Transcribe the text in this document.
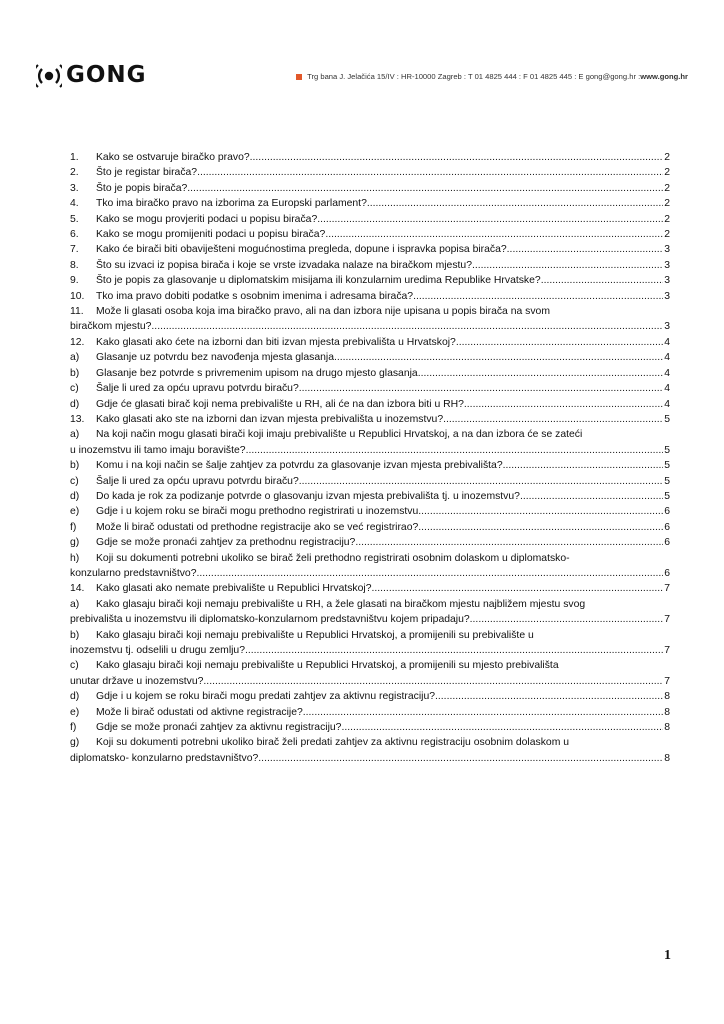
GONG	Trg bana J. Jelačića 15/IV : HR-10000 Zagreb : T 01 4825 444 : F 01 4825 445 : E gong@gong.hr : www.gong.hr
1.	Kako se ostvaruje biračko pravo? .....	2
2.	Što je registar birača? .....	2
3.	Što je popis birača? .....	2
4.	Tko ima biračko pravo na izborima za Europski parlament? .....	2
5.	Kako se mogu provjeriti podaci u popisu birača? .....	2
6.	Kako se mogu promijeniti podaci u popisu birača? .....	2
7.	Kako će birači biti obaviješteni mogućnostima pregleda, dopune i ispravka popisa birača? .....	3
8.	Što su izvaci iz popisa birača i koje se vrste izvadaka nalaze na biračkom mjestu? .....	3
9.	Što je popis za glasovanje u diplomatskim misijama ili konzularnim uredima Republike Hrvatske? .....	3
10.	Tko ima pravo dobiti podatke s osobnim imenima i adresama birača? .....	3
11.	Može li glasati osoba koja ima biračko pravo, ali na dan izbora nije upisana u popis birača na svom
biračkom mjestu? .....	3
12.	Kako glasati ako ćete na izborni dan biti izvan mjesta prebivališta u Hrvatskoj? .....	4
a)	Glasanje uz potvrdu bez navođenja mjesta glasanja .....	4
b)	Glasanje bez potvrde s privremenim upisom na drugo mjesto glasanja .....	4
c)	Šalje li ured za opću upravu potvrdu biraču? .....	4
d)	Gdje će glasati birač koji nema prebivalište u RH, ali će na dan izbora biti u RH? .....	4
13.	Kako glasati ako ste na izborni dan izvan mjesta prebivališta u inozemstvu? .....	5
a)	Na koji način mogu glasati birači koji imaju prebivalište u Republici Hrvatskoj, a na dan izbora će se zateći
u inozemstvu ili tamo imaju boravište? .....	5
b)	Komu i na koji način se šalje zahtjev za potvrdu za glasovanje izvan mjesta prebivališta? .....	5
c)	Šalje li ured za opću upravu potvrdu biraču? .....	5
d)	Do kada je rok za podizanje potvrde o glasovanju izvan mjesta prebivališta tj. u inozemstvu? .....	5
e)	Gdje i u kojem roku se birači mogu prethodno registrirati u inozemstvu. .....	6
f)	Može li birač odustati od prethodne registracije ako se već registrirao? .....	6
g)	Gdje se može pronaći zahtjev za prethodnu registraciju? .....	6
h)	Koji su dokumenti potrebni ukoliko se birač želi prethodno registrirati osobnim dolaskom u diplomatsko-
konzularno predstavništvo? .....	6
14.	Kako glasati ako nemate prebivalište u Republici Hrvatskoj? .....	7
a)	Kako glasaju birači koji nemaju prebivalište u RH, a žele glasati na biračkom mjestu najbližem mjestu svog
prebivališta u inozemstvu ili diplomatsko-konzularnom predstavništvu kojem pripadaju? .....	7
b)	Kako glasaju birači koji nemaju prebivalište u Republici Hrvatskoj, a promijenili su prebivalište u
inozemstvu tj. odselili u drugu zemlju? .....	7
c)	Kako glasaju birači koji nemaju prebivalište u Republici Hrvatskoj, a promijenili su mjesto prebivališta
unutar države u inozemstvu? .....	7
d)	Gdje i u kojem se roku birači mogu predati zahtjev za aktivnu registraciju? .....	8
e)	Može li birač odustati od aktivne registracije? .....	8
f)	Gdje se može pronaći zahtjev za aktivnu registraciju? .....	8
g)	Koji su dokumenti potrebni ukoliko birač želi predati zahtjev za aktivnu registraciju osobnim dolaskom u
diplomatsko- konzularno predstavništvo? .....	8
1
